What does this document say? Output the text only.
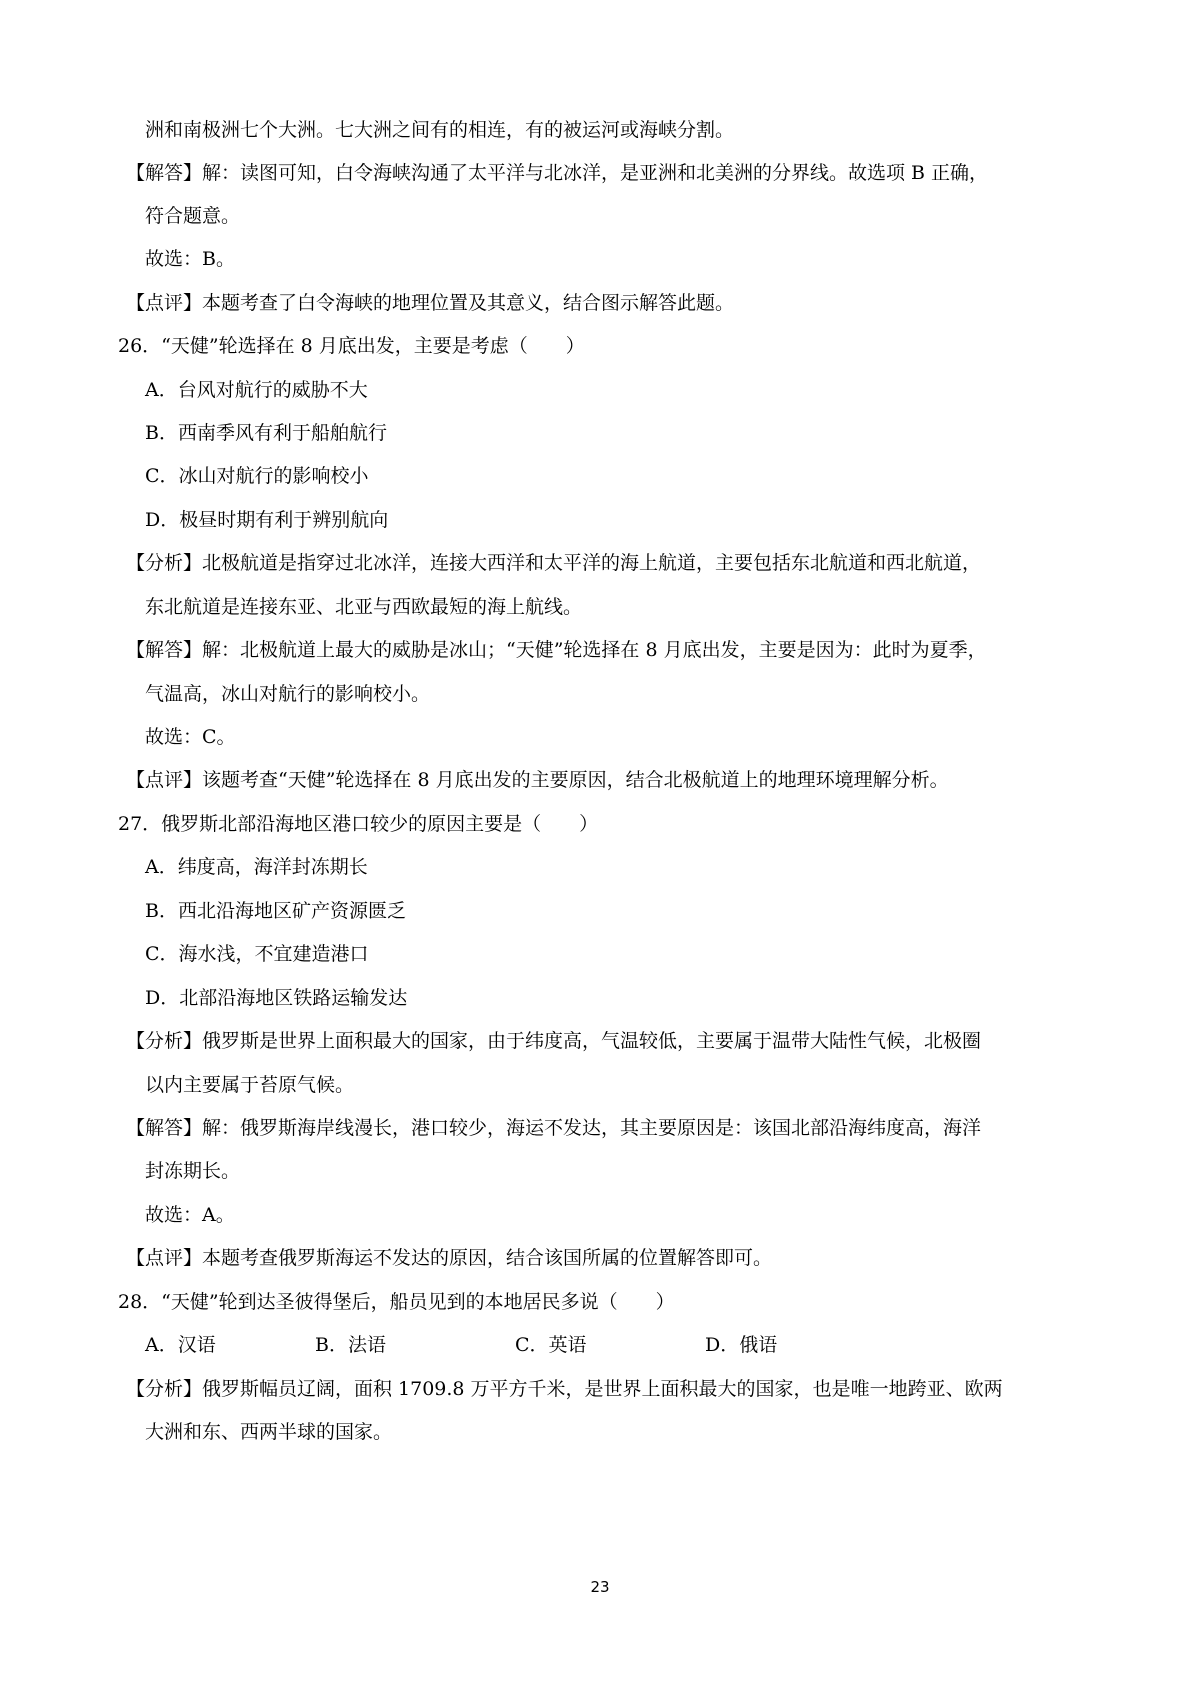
洲和南极洲七个大洲。七大洲之间有的相连，有的被运河或海峡分割。
【解答】解：读图可知，白令海峡沟通了太平洋与北冰洋，是亚洲和北美洲的分界线。故选项 B 正确，
符合题意。
故选：B。
【点评】本题考查了白令海峡的地理位置及其意义，结合图示解答此题。
26．“天健”轮选择在 8 月底出发，主要是考虑（　　）
A．台风对航行的威胁不大
B．西南季风有利于船舶航行
C．冰山对航行的影响校小
D．极昼时期有利于辨别航向
【分析】北极航道是指穿过北冰洋，连接大西洋和太平洋的海上航道，主要包括东北航道和西北航道，
东北航道是连接东亚、北亚与西欧最短的海上航线。
【解答】解：北极航道上最大的威胁是冰山；“天健”轮选择在 8 月底出发，主要是因为：此时为夏季，
气温高，冰山对航行的影响校小。
故选：C。
【点评】该题考查“天健”轮选择在 8 月底出发的主要原因，结合北极航道上的地理环境理解分析。
27．俄罗斯北部沿海地区港口较少的原因主要是（　　）
A．纬度高，海洋封冻期长
B．西北沿海地区矿产资源匮乏
C．海水浅，不宜建造港口
D．北部沿海地区铁路运输发达
【分析】俄罗斯是世界上面积最大的国家，由于纬度高，气温较低，主要属于温带大陆性气候，北极圈
以内主要属于苔原气候。
【解答】解：俄罗斯海岸线漫长，港口较少，海运不发达，其主要原因是：该国北部沿海纬度高，海洋
封冻期长。
故选：A。
【点评】本题考查俄罗斯海运不发达的原因，结合该国所属的位置解答即可。
28．“天健”轮到达圣彼得堡后，船员见到的本地居民多说（　　）
A．汉语	B．法语	C．英语	D．俄语
【分析】俄罗斯幅员辽阔，面积 1709.8 万平方千米，是世界上面积最大的国家，也是唯一地跨亚、欧两
大洲和东、西两半球的国家。
23
